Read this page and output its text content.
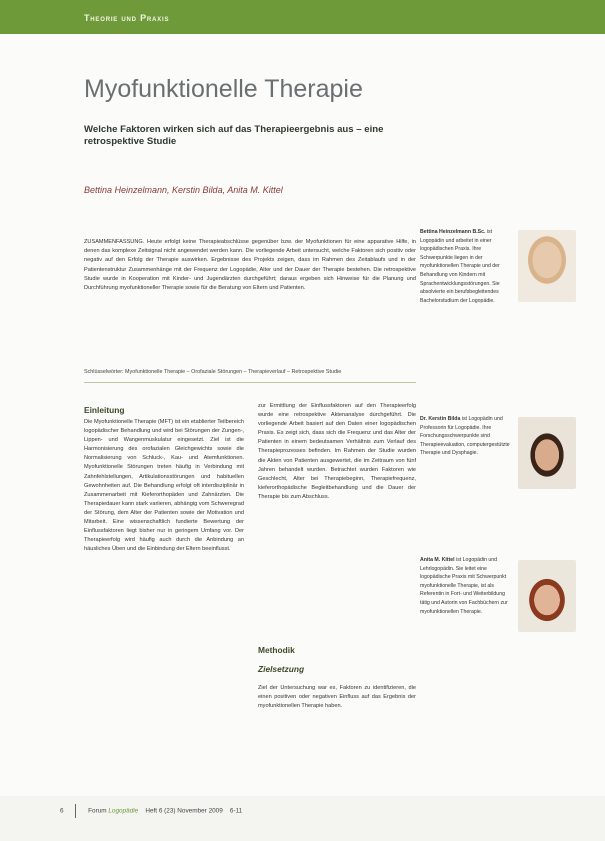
Theorie und Praxis
Myofunktionelle Therapie
Welche Faktoren wirken sich auf das Therapieergebnis aus – eine retrospektive Studie
Bettina Heinzelmann, Kerstin Bilda, Anita M. Kittel
ZUSAMMENFASSUNG. Heute erfolgt keine Therapieabschlüsse gegenüber bzw. der Myofunktionen für eine apparative Hilfe, in denen das komplexe Zeitsignal nicht angewendet werden kann. Die vorliegende Arbeit untersucht, welche Faktoren sich positiv oder negativ auf den Erfolg der Therapie auswirken. Ergebnisse des Projekts zeigen, dass im Rahmen des Zeitablaufs und in der Patientenstruktur Zusammenhänge mit der Frequenz der Logopädie, Alter und der Dauer der Therapie bestehen. Die retrospektive Studie wurde in Kooperation mit Kinder- und Jugendärzten durchgeführt; daraus ergeben sich Hinweise für die Planung und Durchführung myofunktioneller Therapie sowie für die Beratung von Eltern und Patienten.
Schlüsselwörter: Myofunktionelle Therapie – Orofaziale Störungen – Therapieverlauf – Retrospektive Studie
Einleitung
Die Myofunktionelle Therapie (MFT) ist ein etablierter Teilbereich logopädischer Behandlung und wird bei Störungen der Zungen-, Lippen- und Wangenmuskulatur eingesetzt. Ziel ist die Harmonisierung des orofazialen Gleichgewichts sowie die Normalisierung von Schluck-, Kau- und Atemfunktionen. Myofunktionelle Störungen treten häufig in Verbindung mit Zahnfehlstellungen, Artikulationsstörungen und habituellen Gewohnheiten auf. Die Behandlung erfolgt oft interdisziplinär in Zusammenarbeit mit Kieferorthopäden und Zahnärzten. Die Therapiedauer kann stark variieren, abhängig vom Schweregrad der Störung, dem Alter der Patienten sowie der Motivation und Mitarbeit. Eine wissenschaftlich fundierte Bewertung der Einflussfaktoren liegt bisher nur in geringem Umfang vor. Der Therapieerfolg wird häufig auch durch die Anbindung an häusliches Üben und die Einbindung der Eltern beeinflusst.
zur Ermittlung der Einflussfaktoren auf den Therapieerfolg wurde eine retrospektive Aktenanalyse durchgeführt. Die vorliegende Arbeit basiert auf den Daten einer logopädischen Praxis. Es zeigt sich, dass sich die Frequenz und das Alter der Patienten in einem bedeutsamen Verhältnis zum Verlauf des Therapieprozesses befinden. Im Rahmen der Studie wurden die Akten von Patienten ausgewertet, die im Zeitraum von fünf Jahren behandelt wurden. Betrachtet wurden Faktoren wie Geschlecht, Alter bei Therapiebeginn, Therapiefrequenz, kieferorthopädische Begleitbehandlung und die Dauer der Therapie bis zum Abschluss.
Methodik
Zielsetzung
Ziel der Untersuchung war es, Faktoren zu identifizieren, die einen positiven oder negativen Einfluss auf das Ergebnis der myofunktionellen Therapie haben.
Bettina Heinzelmann B.Sc. ist Logopädin und arbeitet in einer logopädischen Praxis. Ihre Schwerpunkte liegen in der myofunktionellen Therapie und der Behandlung von Kindern mit Sprachentwicklungsstörungen. Sie absolvierte ein berufsbegleitendes Bachelorstudium der Logopädie.
Dr. Kerstin Bilda ist Logopädin und Professorin für Logopädie. Ihre Forschungsschwerpunkte sind Therapieevaluation, computergestützte Therapie und Dysphagie.
Anita M. Kittel ist Logopädin und Lehrlogopädin. Sie leitet eine logopädische Praxis mit Schwerpunkt myofunktionelle Therapie, ist als Referentin in Fort- und Weiterbildung tätig und Autorin von Fachbüchern zur myofunktionellen Therapie.
6	Forum Logopädie Heft 6 (23) November 2009 6-11
